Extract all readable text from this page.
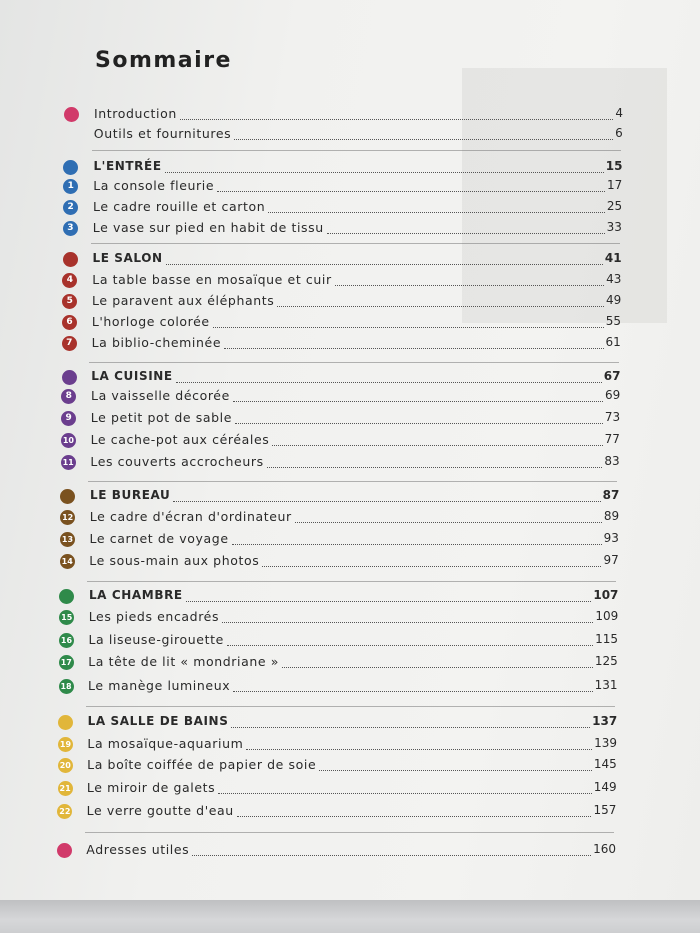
Sommaire
Introduction	4
Outils et fournitures	6
L'ENTRÉE	15
1	La console fleurie	17
2	Le cadre rouille et carton	25
3	Le vase sur pied en habit de tissu	33
LE SALON	41
4	La table basse en mosaïque et cuir	43
5	Le paravent aux éléphants	49
6	L'horloge colorée	55
7	La biblio-cheminée	61
LA CUISINE	67
8	La vaisselle décorée	69
9	Le petit pot de sable	73
10 Le cache-pot aux céréales	77
11 Les couverts accrocheurs	83
LE BUREAU	87
12 Le cadre d'écran d'ordinateur	89
13 Le carnet de voyage	93
14 Le sous-main aux photos	97
LA CHAMBRE	107
15 Les pieds encadrés	109
16 La liseuse-girouette	115
17 La tête de lit « mondriane »	125
18 Le manège lumineux	131
LA SALLE DE BAINS	137
19 La mosaïque-aquarium	139
20 La boîte coiffée de papier de soie	145
21 Le miroir de galets	149
22 Le verre goutte d'eau	157
Adresses utiles	160
